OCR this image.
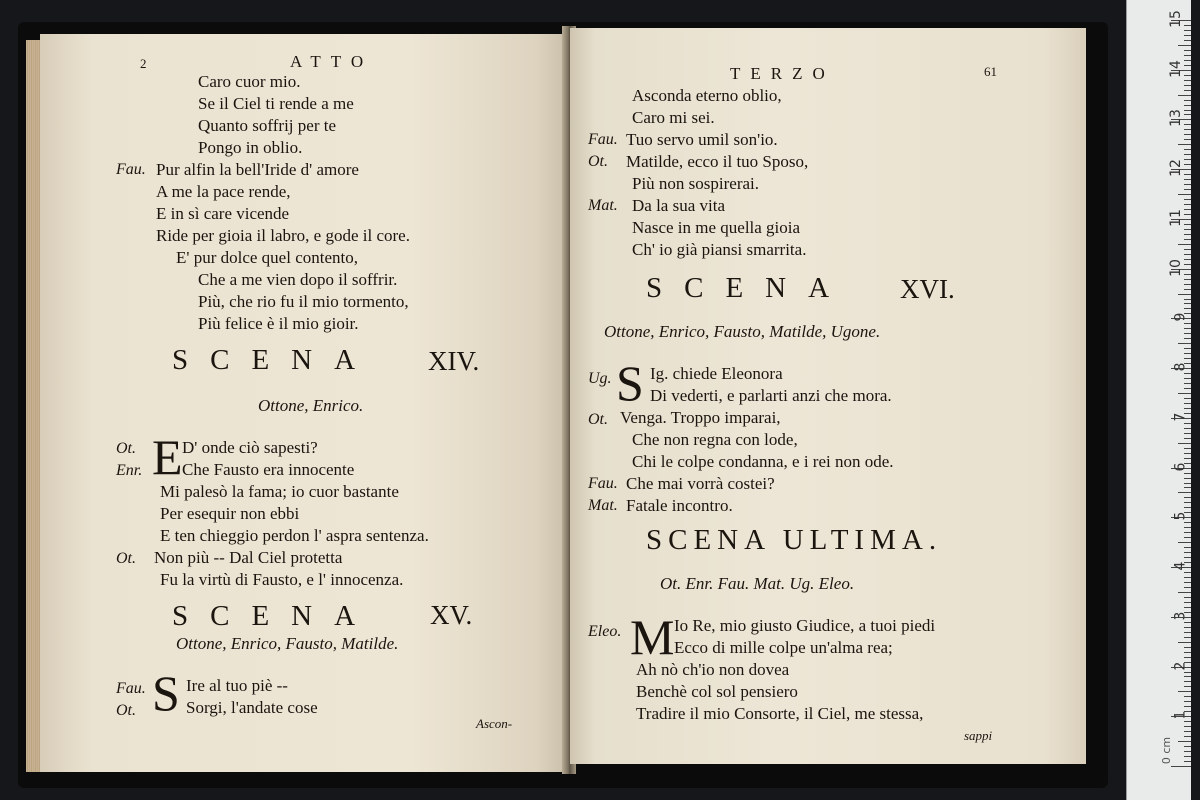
2	ATTO
Caro cuor mio.
Se il Ciel ti rende a me
Quanto soffrij per te
Pongo in oblio.
Fau. Pur alfin la bell'Iride d' amore
A me la pace rende,
E in sì care vicende
Ride per gioia il labro, e gode il core.
E' pur dolce quel contento,
Che a me vien dopo il soffrir.
Più, che rio fu il mio tormento,
Più felice è il mio gioir.
SCENA XIV.
Ottone, Enrico.
Ot.
Enr. E D' onde ciò sapesti?
Che Fausto era innocente
Mi palesò la fama; io cuor bastante
Per esequir non ebbi
E ten chieggio perdon l' aspra sentenza.
Ot. Non più -- Dal Ciel protetta
Fu la virtù di Fausto, e l' innocenza.
SCENA XV.
Ottone, Enrico, Fausto, Matilde.
Fau.
Ot. S Ire al tuo piè --
Sorgi, l'andate cose
Ascon-
TERZO	61
Asconda eterno oblio,
Caro mi sei.
Fau. Tuo servo umil son'io.
Ot. Matilde, ecco il tuo Sposo,
Più non sospirerai.
Mat. Da la sua vita
Nasce in me quella gioia
Ch' io già piansi smarrita.
SCENA XVI.
Ottone, Enrico, Fausto, Matilde, Ugone.
Ug. S Ig. chiede Eleonora
Di vederti, e parlarti anzi che mora.
Ot. Venga. Troppo imparai,
Che non regna con lode,
Chi le colpe condanna, e i rei non ode.
Fau. Che mai vorrà costei?
Mat. Fatale incontro.
SCENA ULTIMA.
Ot. Enr. Fau. Mat. Ug. Eleo.
Eleo. M Io Re, mio giusto Giudice, a tuoi piedi
Ecco di mille colpe un'alma rea;
Ah nò ch'io non dovea
Benchè col sol pensiero
Tradire il mio Consorte, il Ciel, me stessa,
sappi
0 cm
15
14
13
12
11
10
9
8
7
6
5
4
3
2
1
